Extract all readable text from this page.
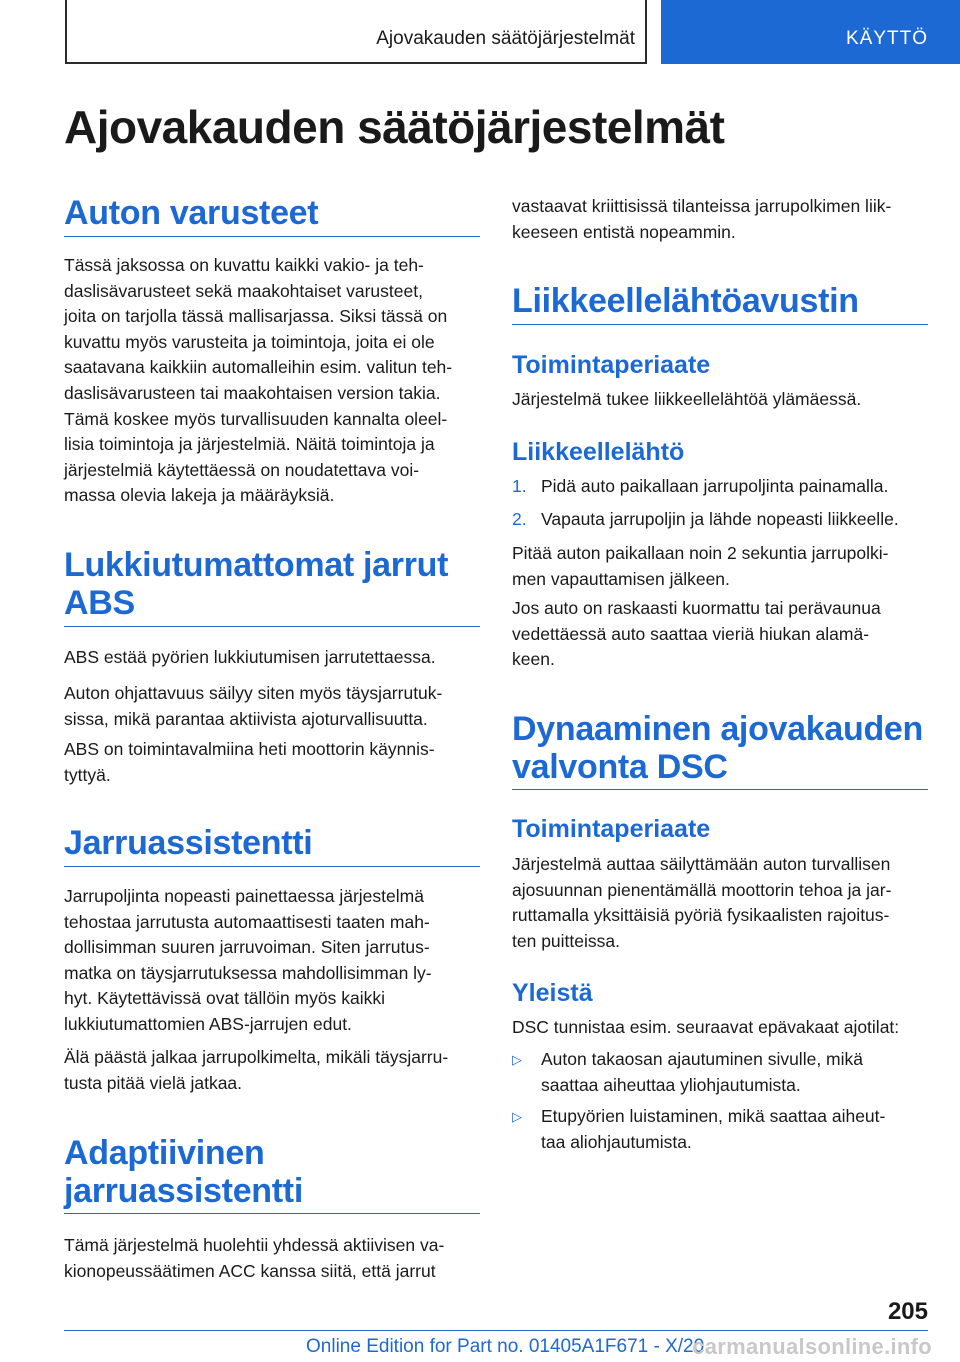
Ajovakauden säätöjärjestelmät	KÄYTTÖ
Ajovakauden säätöjärjestelmät
Auton varusteet
Tässä jaksossa on kuvattu kaikki vakio- ja teh-
daslisävarusteet sekä maakohtaiset varusteet,
joita on tarjolla tässä mallisarjassa. Siksi tässä on
kuvattu myös varusteita ja toimintoja, joita ei ole
saatavana kaikkiin automalleihin esim. valitun teh-
daslisävarusteen tai maakohtaisen version takia.
Tämä koskee myös turvallisuuden kannalta oleel-
lisia toimintoja ja järjestelmiä. Näitä toimintoja ja
järjestelmiä käytettäessä on noudatettava voi-
massa olevia lakeja ja määräyksiä.
Lukkiutumattomat jarrut
ABS
ABS estää pyörien lukkiutumisen jarrutettaessa.
Auton ohjattavuus säilyy siten myös täysjarrutuk-
sissa, mikä parantaa aktiivista ajoturvallisuutta.
ABS on toimintavalmiina heti moottorin käynnis-
tyttyä.
Jarruassistentti
Jarrupoljinta nopeasti painettaessa järjestelmä
tehostaa jarrutusta automaattisesti taaten mah-
dollisimman suuren jarruvoiman. Siten jarrutus-
matka on täysjarrutuksessa mahdollisimman ly-
hyt. Käytettävissä ovat tällöin myös kaikki
lukkiutumattomien ABS-jarrujen edut.
Älä päästä jalkaa jarrupolkimelta, mikäli täysjarru-
tusta pitää vielä jatkaa.
Adaptiivinen
jarruassistentti
Tämä järjestelmä huolehtii yhdessä aktiivisen va-
kionopeussäätimen ACC kanssa siitä, että jarrut
vastaavat kriittisissä tilanteissa jarrupolkimen liik-
keeseen entistä nopeammin.
Liikkeellelähtöavustin
Toimintaperiaate
Järjestelmä tukee liikkeellelähtöä ylämäessä.
Liikkeellelähtö
1. Pidä auto paikallaan jarrupoljinta painamalla.
2. Vapauta jarrupoljin ja lähde nopeasti liikkeelle.
Pitää auton paikallaan noin 2 sekuntia jarrupolki-
men vapauttamisen jälkeen.
Jos auto on raskaasti kuormattu tai perävaunua
vedettäessä auto saattaa vieriä hiukan alamä-
keen.
Dynaaminen ajovakauden
valvonta DSC
Toimintaperiaate
Järjestelmä auttaa säilyttämään auton turvallisen
ajosuunnan pienentämällä moottorin tehoa ja jar-
ruttamalla yksittäisiä pyöriä fysikaalisten rajoitus-
ten puitteissa.
Yleistä
DSC tunnistaa esim. seuraavat epävakaat ajotilat:
▷ Auton takaosan ajautuminen sivulle, mikä
saattaa aiheuttaa yliohjautumista.
▷ Etupyörien luistaminen, mikä saattaa aiheut-
taa aliohjautumista.
205
Online Edition for Part no. 01405A1F671 - X/20
carmanualsonline.info
